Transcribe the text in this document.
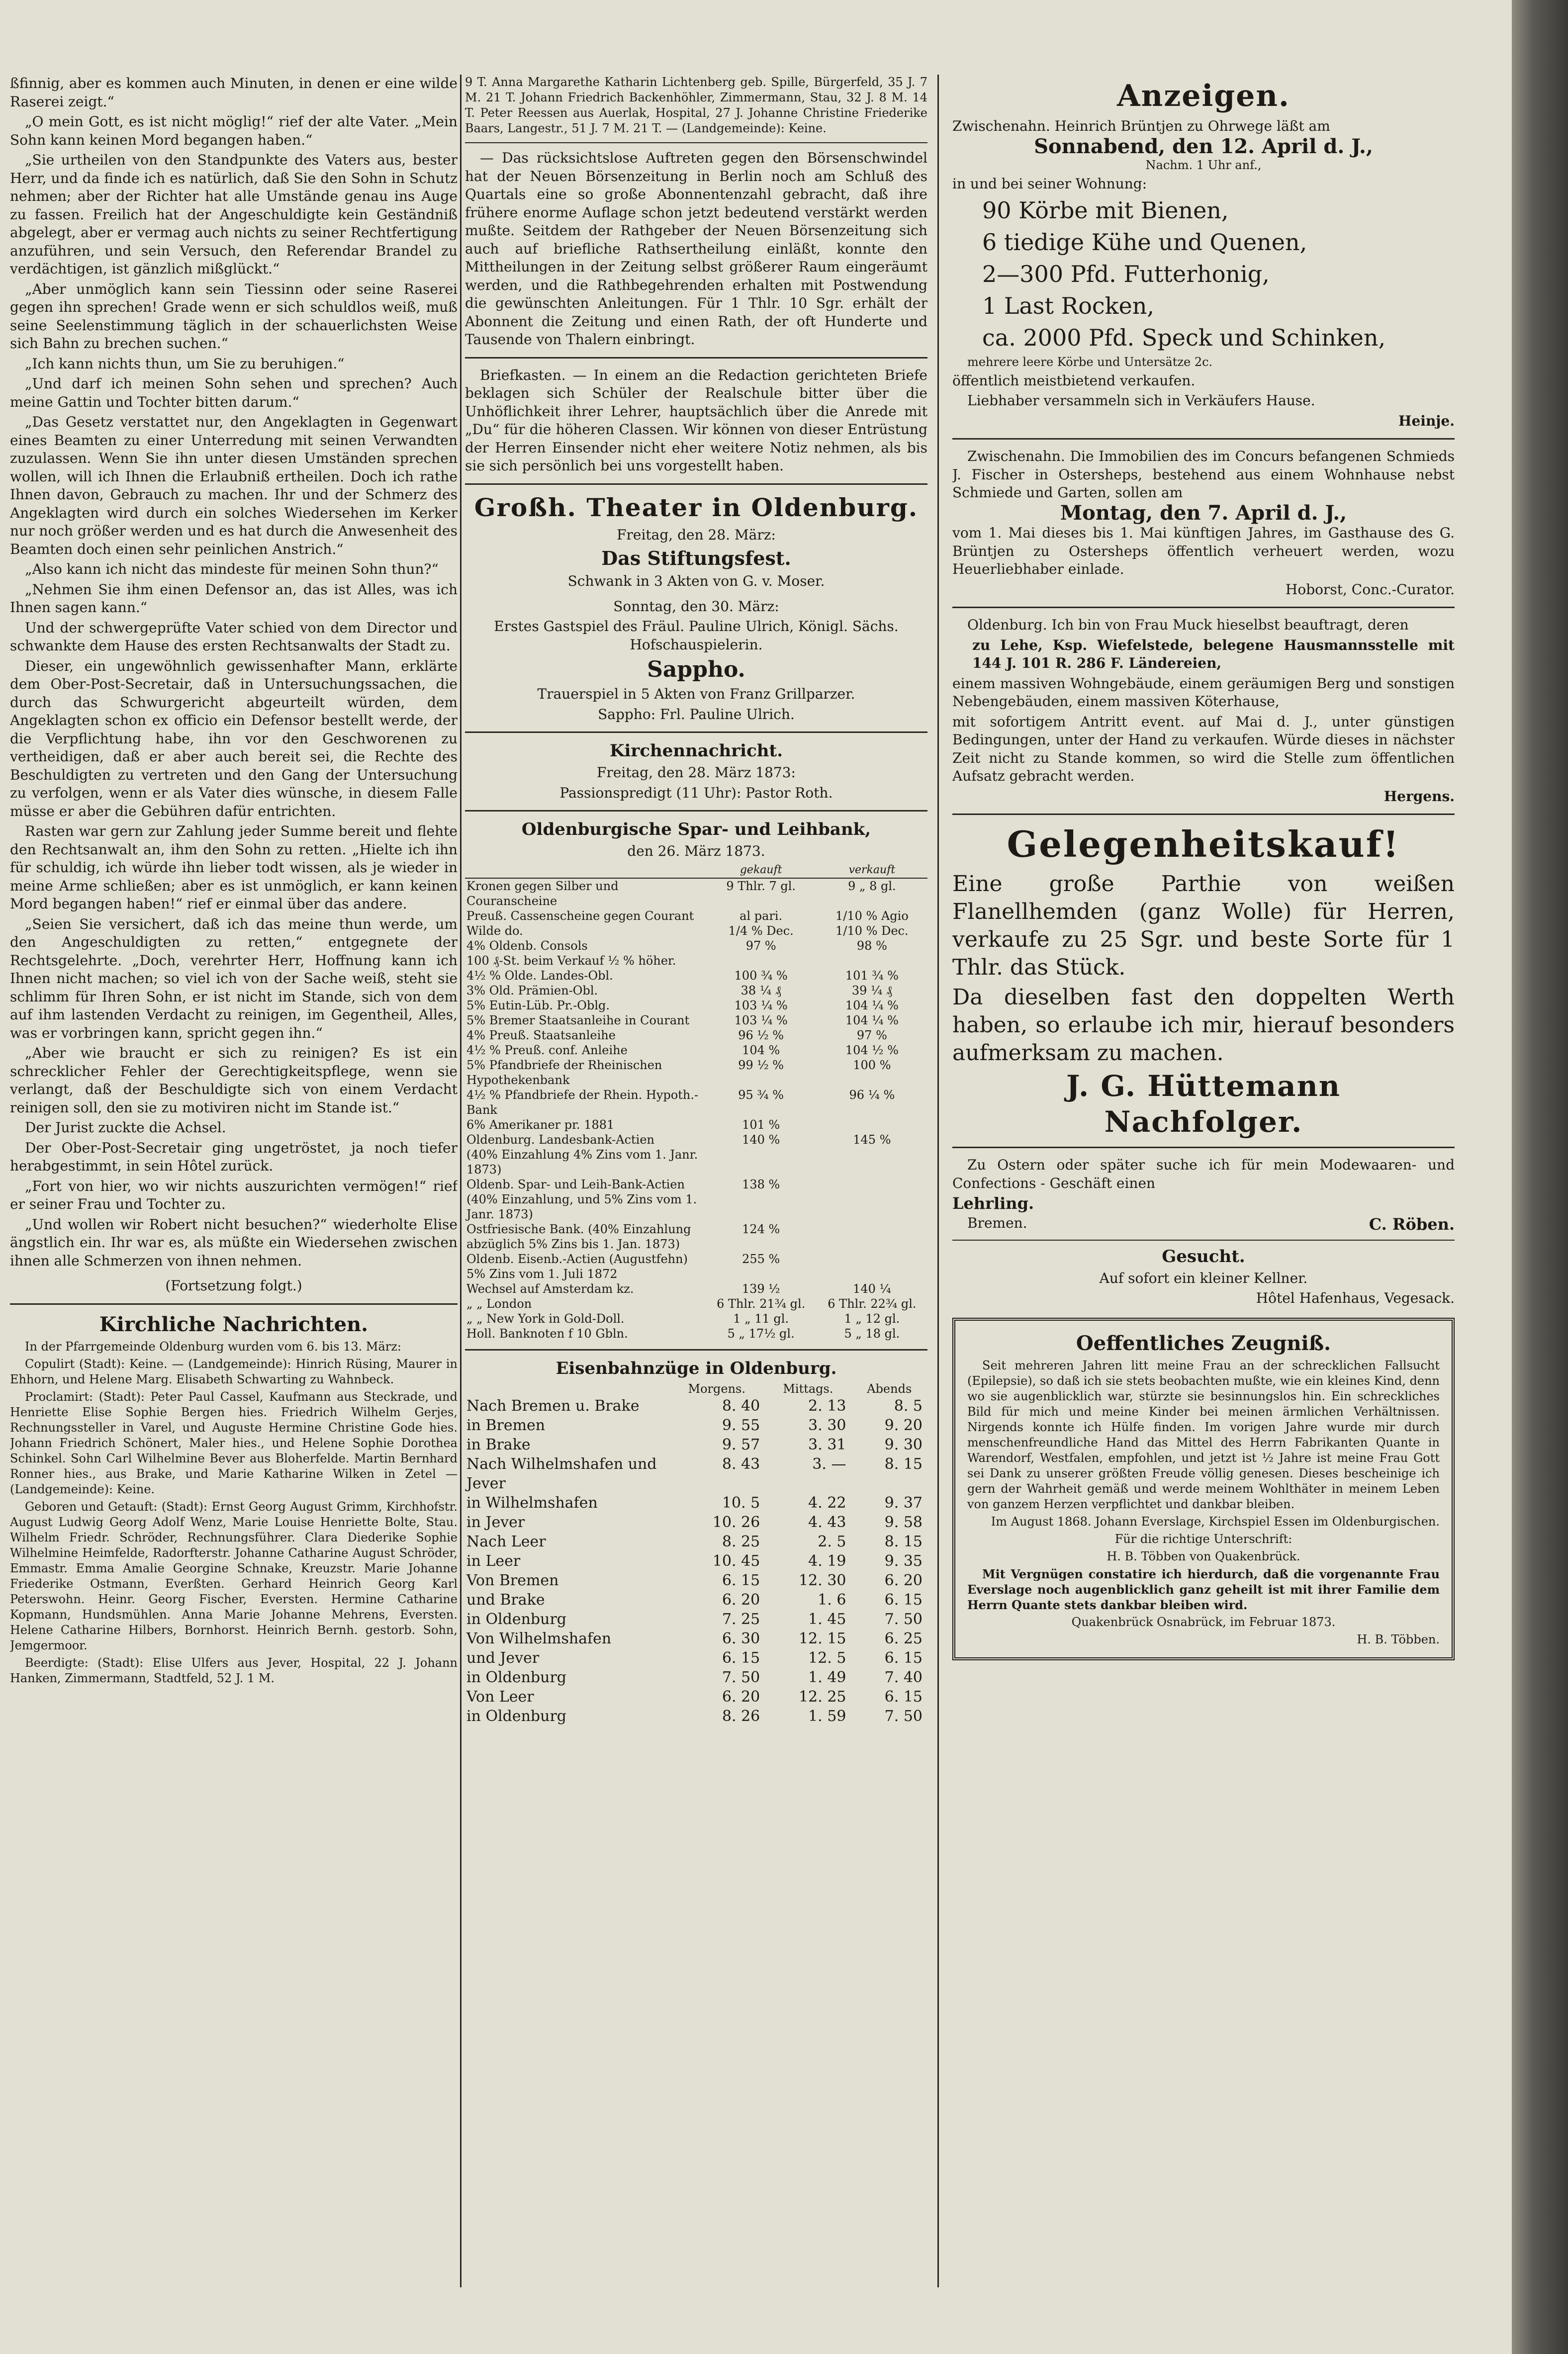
ßfinnig, aber es kommen auch Minuten, in denen er eine wilde Raserei zeigt.“

„O mein Gott, es ist nicht möglig!“ rief der alte Vater. „Mein Sohn kann keinen Mord begangen haben.“

„Sie urtheilen von den Standpunkte des Vaters aus, bester Herr, und da finde ich es natürlich, daß Sie den Sohn in Schutz nehmen; aber der Richter hat alle Umstände genau ins Auge zu fassen. Freilich hat der Angeschuldigte kein Geständniß abgelegt, aber er vermag auch nichts zu seiner Rechtfertigung anzuführen, und sein Versuch, den Referendar Brandel zu verdächtigen, ist gänzlich mißglückt.“

„Aber unmöglich kann sein Tiessinn oder seine Raserei gegen ihn sprechen! Grade wenn er sich schuldlos weiß, muß seine Seelenstimmung täglich in der schauerlichsten Weise sich Bahn zu brechen suchen.“

„Ich kann nichts thun, um Sie zu beruhigen.“

„Und darf ich meinen Sohn sehen und sprechen? Auch meine Gattin und Tochter bitten darum.“

„Das Gesetz verstattet nur, den Angeklagten in Gegenwart eines Beamten zu einer Unterredung mit seinen Verwandten zuzulassen. Wenn Sie ihn unter diesen Umständen sprechen wollen, will ich Ihnen die Erlaubniß ertheilen. Doch ich rathe Ihnen davon, Gebrauch zu machen. Ihr und der Schmerz des Angeklagten wird durch ein solches Wiedersehen im Kerker nur noch größer werden und es hat durch die Anwesenheit des Beamten doch einen sehr peinlichen Anstrich.“

„Also kann ich nicht das mindeste für meinen Sohn thun?“

„Nehmen Sie ihm einen Defensor an, das ist Alles, was ich Ihnen sagen kann.“

Und der schwergeprüfte Vater schied von dem Director und schwankte dem Hause des ersten Rechtsanwalts der Stadt zu.

Dieser, ein ungewöhnlich gewissenhafter Mann, erklärte dem Ober-Post-Secretair, daß in Untersuchungssachen, die durch das Schwurgericht abgeurteilt würden, dem Angeklagten schon ex officio ein Defensor bestellt werde, der die Verpflichtung habe, ihn vor den Geschworenen zu vertheidigen, daß er aber auch bereit sei, die Rechte des Beschuldigten zu vertreten und den Gang der Untersuchung zu verfolgen, wenn er als Vater dies wünsche, in diesem Falle müsse er aber die Gebühren dafür entrichten.

Rasten war gern zur Zahlung jeder Summe bereit und flehte den Rechtsanwalt an, ihm den Sohn zu retten. „Hielte ich ihn für schuldig, ich würde ihn lieber todt wissen, als je wieder in meine Arme schließen; aber es ist unmöglich, er kann keinen Mord begangen haben!“ rief er einmal über das andere.

„Seien Sie versichert, daß ich das meine thun werde, um den Angeschuldigten zu retten,“ entgegnete der Rechtsgelehrte. „Doch, verehrter Herr, Hoffnung kann ich Ihnen nicht machen; so viel ich von der Sache weiß, steht sie schlimm für Ihren Sohn, er ist nicht im Stande, sich von dem auf ihm lastenden Verdacht zu reinigen, im Gegentheil, Alles, was er vorbringen kann, spricht gegen ihn.“

„Aber wie braucht er sich zu reinigen? Es ist ein schrecklicher Fehler der Gerechtigkeitspflege, wenn sie verlangt, daß der Beschuldigte sich von einem Verdacht reinigen soll, den sie zu motiviren nicht im Stande ist.“

Der Jurist zuckte die Achsel.

Der Ober-Post-Secretair ging ungetröstet, ja noch tiefer herabgestimmt, in sein Hôtel zurück.

„Fort von hier, wo wir nichts auszurichten vermögen!“ rief er seiner Frau und Tochter zu.

„Und wollen wir Robert nicht besuchen?“ wiederholte Elise ängstlich ein. Ihr war es, als müßte ein Wiedersehen zwischen ihnen alle Schmerzen von ihnen nehmen.

(Fortsetzung folgt.)

Kirchliche Nachrichten.

In der Pfarrgemeinde Oldenburg wurden vom 6. bis 13. März:

Copulirt (Stadt): Keine. — (Landgemeinde): Hinrich Rüsing, Maurer in Ehhorn, und Helene Marg. Elisabeth Schwarting zu Wahnbeck.

Proclamirt: (Stadt): Peter Paul Cassel, Kaufmann aus Steckrade, und Henriette Elise Sophie Bergen hies. Friedrich Wilhelm Gerjes, Rechnungssteller in Varel, und Auguste Hermine Christine Gode hies. Johann Friedrich Schönert, Maler hies., und Helene Sophie Dorothea Schinkel. Sohn Carl Wilhelmine Bever aus Bloherfelde. Martin Bernhard Ronner hies., aus Brake, und Marie Katharine Wilken in Zetel — (Landgemeinde): Keine.

Geboren und Getauft: (Stadt): Ernst Georg August Grimm, Kirchhofstr. August Ludwig Georg Adolf Wenz, Marie Louise Henriette Bolte, Stau. Wilhelm Friedr. Schröder, Rechnungsführer. Clara Diederike Sophie Wilhelmine Heimfelde, Radorfterstr. Johanne Catharine August Schröder, Emmastr. Emma Amalie Georgine Schnake, Kreuzstr. Marie Johanne Friederike Ostmann, Everßten. Gerhard Heinrich Georg Karl Peterswohn. Heinr. Georg Fischer, Eversten. Hermine Catharine Kopmann, Hundsmühlen. Anna Marie Johanne Mehrens, Eversten. Helene Catharine Hilbers, Bornhorst. Heinrich Bernh. gestorb. Sohn, Jemgermoor.

Beerdigte: (Stadt): Elise Ulfers aus Jever, Hospital, 22 J. Johann Hanken, Zimmermann, Stadtfeld, 52 J. 1 M.

9 T. Anna Margarethe Katharin Lichtenberg geb. Spille, Bürgerfeld, 35 J. 7 M. 21 T. Johann Friedrich Backenhöhler, Zimmermann, Stau, 32 J. 8 M. 14 T. Peter Reessen aus Auerlak, Hospital, 27 J. Johanne Christine Friederike Baars, Langestr., 51 J. 7 M. 21 T. — (Landgemeinde): Keine.

— Das rücksichtslose Auftreten gegen den Börsenschwindel hat der Neuen Börsenzeitung in Berlin noch am Schluß des Quartals eine so große Abonnentenzahl gebracht, daß ihre frühere enorme Auflage schon jetzt bedeutend verstärkt werden mußte. Seitdem der Rathgeber der Neuen Börsenzeitung sich auch auf briefliche Rathsertheilung einläßt, konnte den Mittheilungen in der Zeitung selbst größerer Raum eingeräumt werden, und die Rathbegehrenden erhalten mit Postwendung die gewünschten Anleitungen. Für 1 Thlr. 10 Sgr. erhält der Abonnent die Zeitung und einen Rath, der oft Hunderte und Tausende von Thalern einbringt.

Briefkasten. — In einem an die Redaction gerichteten Briefe beklagen sich Schüler der Realschule bitter über die Unhöflichkeit ihrer Lehrer, hauptsächlich über die Anrede mit „Du“ für die höheren Classen. Wir können von dieser Entrüstung der Herren Einsender nicht eher weitere Notiz nehmen, als bis sie sich persönlich bei uns vorgestellt haben.

Großh. Theater in Oldenburg.

Freitag, den 28. März:

Das Stiftungsfest.

Schwank in 3 Akten von G. v. Moser.

Sonntag, den 30. März:

Erstes Gastspiel des Fräul. Pauline Ulrich, Königl. Sächs. Hofschauspielerin.

Sappho.

Trauerspiel in 5 Akten von Franz Grillparzer.

Sappho: Frl. Pauline Ulrich.

Kirchennachricht.

Freitag, den 28. März 1873:

Passionspredigt (11 Uhr): Pastor Roth.

Oldenburgische Spar- und Leihbank,

den 26. März 1873.

	gekauft	verkauft
Kronen gegen Silber und Couranscheine	9 Thlr. 7 gl.	9 „ 8 gl.
Preuß. Cassenscheine gegen Courant	al pari.	1/10 % Agio
Wilde do.	1/4 % Dec.	1/10 % Dec.
4% Oldenb. Consols	97 %	98 %
100 ₰-St. beim Verkauf ½ % höher.		
4½ % Olde. Landes-Obl.	100 ¾ %	101 ¾ %
3% Old. Prämien-Obl.	38 ¼ ₰	39 ¼ ₰
5% Eutin-Lüb. Pr.-Oblg.	103 ¼ %	104 ¼ %
5% Bremer Staatsanleihe in Courant	103 ¼ %	104 ¼ %
4% Preuß. Staatsanleihe	96 ½ %	97 %
4½ % Preuß. conf. Anleihe	104 %	104 ½ %
5% Pfandbriefe der Rheinischen Hypothekenbank	99 ½ %	100 %
4½ % Pfandbriefe der Rhein. Hypoth.-Bank	95 ¾ %	96 ¼ %
6% Amerikaner pr. 1881	101 %	
Oldenburg. Landesbank-Actien	140 %	145 %
(40% Einzahlung 4% Zins vom 1. Janr. 1873)		
Oldenb. Spar- und Leih-Bank-Actien (40% Einzahlung, und 5% Zins vom 1. Janr. 1873)	138 %	
Ostfriesische Bank. (40% Einzahlung abzüglich 5% Zins bis 1. Jan. 1873)	124 %	
Oldenb. Eisenb.-Actien (Augustfehn) 5% Zins vom 1. Juli 1872	255 %	
Wechsel auf Amsterdam kz.	139 ½	140 ¼
„ „ London	6 Thlr. 21¾ gl.	6 Thlr. 22¾ gl.
„ „ New York in Gold-Doll.	1 „ 11 gl.	1 „ 12 gl.
Holl. Banknoten f 10 Gbln.	5 „ 17½ gl.	5 „ 18 gl.
Eisenbahnzüge in Oldenburg.
	Morgens.	Mittags.	Abends
Nach Bremen u. Brake	8. 40	2. 13	8. 5
in Bremen	9. 55	3. 30	9. 20
in Brake	9. 57	3. 31	9. 30
Nach Wilhelmshafen und Jever	8. 43	3. —	8. 15
in Wilhelmshafen	10. 5	4. 22	9. 37
in Jever	10. 26	4. 43	9. 58
Nach Leer	8. 25	2. 5	8. 15
in Leer	10. 45	4. 19	9. 35
Von Bremen	6. 15	12. 30	6. 20
und Brake	6. 20	1. 6	6. 15
in Oldenburg	7. 25	1. 45	7. 50
Von Wilhelmshafen	6. 30	12. 15	6. 25
und Jever	6. 15	12. 5	6. 15
in Oldenburg	7. 50	1. 49	7. 40
Von Leer	6. 20	12. 25	6. 15
in Oldenburg	8. 26	1. 59	7. 50
Anzeigen.

Zwischenahn. Heinrich Brüntjen zu Ohrwege läßt am

Sonnabend, den 12. April d. J.,

Nachm. 1 Uhr anf.,

in und bei seiner Wohnung:

90 Körbe mit Bienen,

6 tiedige Kühe und Quenen,

2—300 Pfd. Futterhonig,

1 Last Rocken,

ca. 2000 Pfd. Speck und Schinken,

mehrere leere Körbe und Untersätze 2c.

öffentlich meistbietend verkaufen.

Liebhaber versammeln sich in Verkäufers Hause.

Heinje.

Zwischenahn. Die Immobilien des im Concurs befangenen Schmieds J. Fischer in Ostersheps, bestehend aus einem Wohnhause nebst Schmiede und Garten, sollen am

Montag, den 7. April d. J.,

vom 1. Mai dieses bis 1. Mai künftigen Jahres, im Gasthause des G. Brüntjen zu Ostersheps öffentlich verheuert werden, wozu Heuerliebhaber einlade.

Hoborst, Conc.-Curator.

Oldenburg. Ich bin von Frau Muck hieselbst beauftragt, deren

zu Lehe, Ksp. Wiefelstede, belegene Hausmannsstelle mit 144 J. 101 R. 286 F. Ländereien,

einem massiven Wohngebäude, einem geräumigen Berg und sonstigen Nebengebäuden, einem massiven Köterhause,

mit sofortigem Antritt event. auf Mai d. J., unter günstigen Bedingungen, unter der Hand zu verkaufen. Würde dieses in nächster Zeit nicht zu Stande kommen, so wird die Stelle zum öffentlichen Aufsatz gebracht werden.

Hergens.

Gelegenheitskauf!

Eine große Parthie von weißen Flanellhemden (ganz Wolle) für Herren, verkaufe zu 25 Sgr. und beste Sorte für 1 Thlr. das Stück.

Da dieselben fast den doppelten Werth haben, so erlaube ich mir, hierauf besonders aufmerksam zu machen.

J. G. Hüttemann
Nachfolger.

Zu Ostern oder später suche ich für mein Modewaaren- und Confections - Geschäft einen

Lehrling.

Bremen.	C. Röben.
Gesucht.

Auf sofort ein kleiner Kellner.

Hôtel Hafenhaus, Vegesack.

Oeffentliches Zeugniß.

Seit mehreren Jahren litt meine Frau an der schrecklichen Fallsucht (Epilepsie), so daß ich sie stets beobachten mußte, wie ein kleines Kind, denn wo sie augenblicklich war, stürzte sie besinnungslos hin. Ein schreckliches Bild für mich und meine Kinder bei meinen ärmlichen Verhältnissen. Nirgends konnte ich Hülfe finden. Im vorigen Jahre wurde mir durch menschenfreundliche Hand das Mittel des Herrn Fabrikanten Quante in Warendorf, Westfalen, empfohlen, und jetzt ist ½ Jahre ist meine Frau Gott sei Dank zu unserer größten Freude völlig genesen. Dieses bescheinige ich gern der Wahrheit gemäß und werde meinem Wohlthäter in meinem Leben von ganzem Herzen verpflichtet und dankbar bleiben.

Im August 1868. Johann Everslage, Kirchspiel Essen im Oldenburgischen.

Für die richtige Unterschrift:

H. B. Többen von Quakenbrück.

Mit Vergnügen constatire ich hierdurch, daß die vorgenannte Frau Everslage noch augenblicklich ganz geheilt ist mit ihrer Familie dem Herrn Quante stets dankbar bleiben wird.

Quakenbrück Osnabrück, im Februar 1873.

H. B. Többen.
